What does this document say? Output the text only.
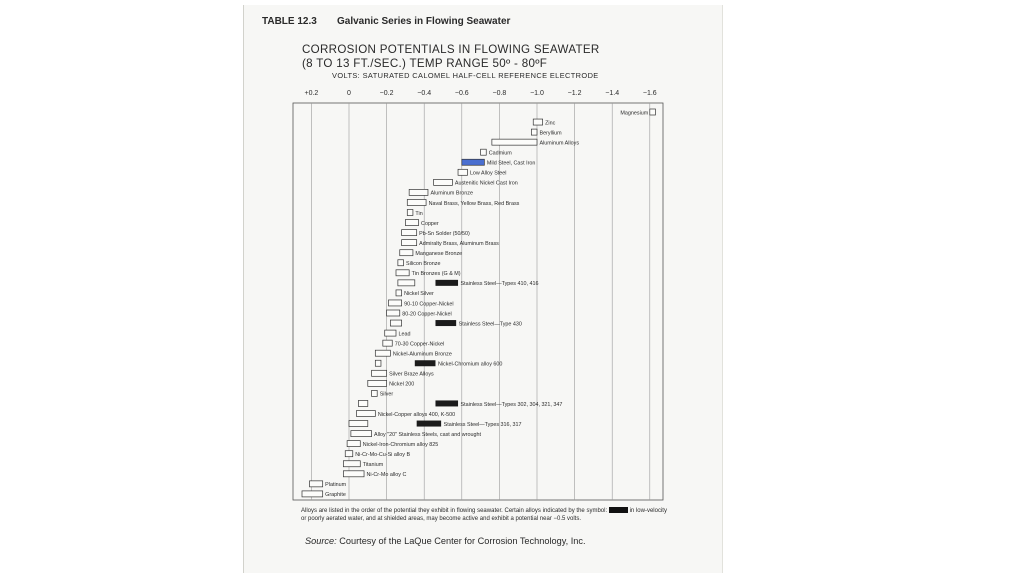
TABLE 12.3 Galvanic Series in Flowing Seawater
CORROSION POTENTIALS IN FLOWING SEAWATER
(8 TO 13 FT./SEC.) TEMP RANGE 50º - 80ºF
VOLTS: SATURATED CALOMEL HALF-CELL REFERENCE ELECTRODE
+0.2	0	−0.2	−0.4	−0.6	−0.8	−1.0	−1.2	−1.4	−1.6
Magnesium
Zinc
Beryllium
Aluminum Alloys
Cadmium
Mild Steel, Cast Iron
Low Alloy Steel
Austenitic Nickel Cast Iron
Aluminum Bronze
Naval Brass, Yellow Brass, Red Brass
Tin
Copper
Pb-Sn Solder (50/50)
Admiralty Brass, Aluminum Brass
Manganese Bronze
Silicon Bronze
Tin Bronzes (G & M)
Stainless Steel—Types 410, 416
Nickel Silver
90-10 Copper-Nickel
80-20 Copper-Nickel
Stainless Steel—Type 430
Lead
70-30 Copper-Nickel
Nickel-Aluminum Bronze
Nickel-Chromium alloy 600
Silver Braze Alloys
Nickel 200
Silver
Stainless Steel—Types 302, 304, 321, 347
Nickel-Copper alloys 400, K-500
Stainless Steel—Types 316, 317
Alloy "20" Stainless Steels, cast and wrought
Nickel-Iron-Chromium alloy 825
Ni-Cr-Mo-Cu-Si alloy B
Titanium
Ni-Cr-Mo alloy C
Platinum
Graphite
Alloys are listed in the order of the potential they exhibit in flowing seawater. Certain alloys indicated by the symbol:	in low-velocity or poorly aerated water, and at shielded areas, may become active and exhibit a potential near −0.5 volts.
Source: Courtesy of the LaQue Center for Corrosion Technology, Inc.
